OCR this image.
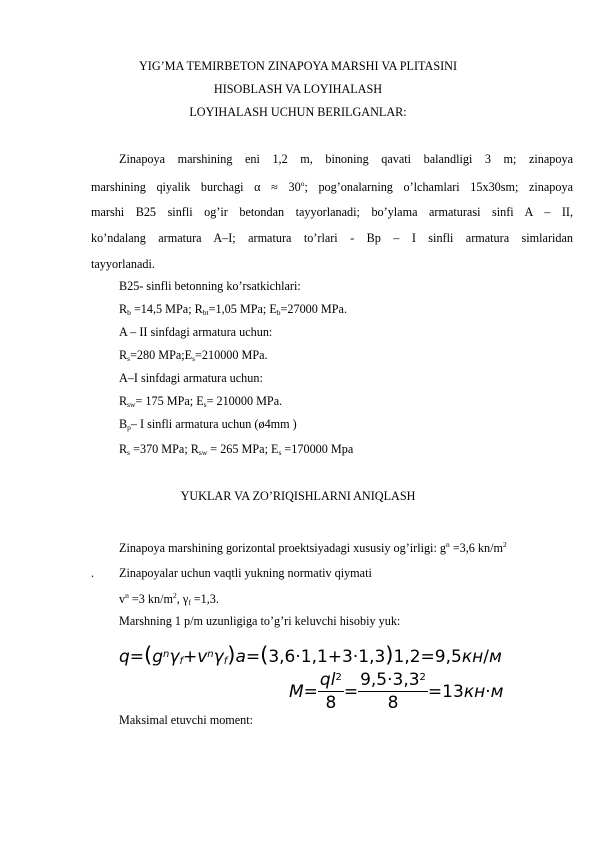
YIG’MA TEMIRBETON ZINAPOYA MARSHI VA PLITASINI
HISOBLASH VA LOYIHALASH
LOYIHALASH UCHUN BERILGANLAR:
Zinapoya marshining eni 1,2 m, binoning qavati balandligi 3 m; zinapoya
marshining qiyalik burchagi $\alpha \approx 30^o$; pog’onalarning o’lchamlari 15x30sm; zinapoya
marshi B25 sinfli og’ir betondan tayyorlanadi; bo’ylama armaturasi sinfi A – II,
ko’ndalang armatura A–I; armatura to’rlari - Bp – I sinfli armatura simlaridan
tayyorlanadi.
B25- sinfli betonning ko’rsatkichlari:
$R_b =14,5$ MPa; $R_{bt}=1,05$ MPa; $E_b=27000$ MPa.
A – II sinfdagi armatura uchun:
$R_s=280$ $MPa;E_s=210000$ MPa.
A–I sinfdagi armatura uchun:
$R_{sw}= 175$ MPa; $E_s= 210000$ MPa.
$B_p-$ I sinfli armatura uchun (ø4mm )
$R_s =370$ MPa; $R_{sw} = 265$ MPa; $E_s =170000$ Mpa
YUKLAR VA ZO’RIQISHLARNI ANIQLASH
Zinapoya marshining gorizontal proektsiyadagi xususiy og’irligi: $g^n =3,6$ $kn/m^2$
. Zinapoyalar uchun vaqtli yukning normativ qiymati
$v^n =3$ $kn/m^2$, $\gamma_f =1,3$.
Marshning 1 p/m uzunligiga to’g’ri keluvchi hisobiy yuk:
$q=(g^n\gamma_f+v^n\gamma_f)a=(3,6\cdot 1,1+3\cdot 1,3)1,2=9,5кн/м$
$M= \frac{ql^2}{8} = \frac{9,5\cdot 3,3^2}{8} =13кн\cdot м$
Maksimal etuvchi moment:
